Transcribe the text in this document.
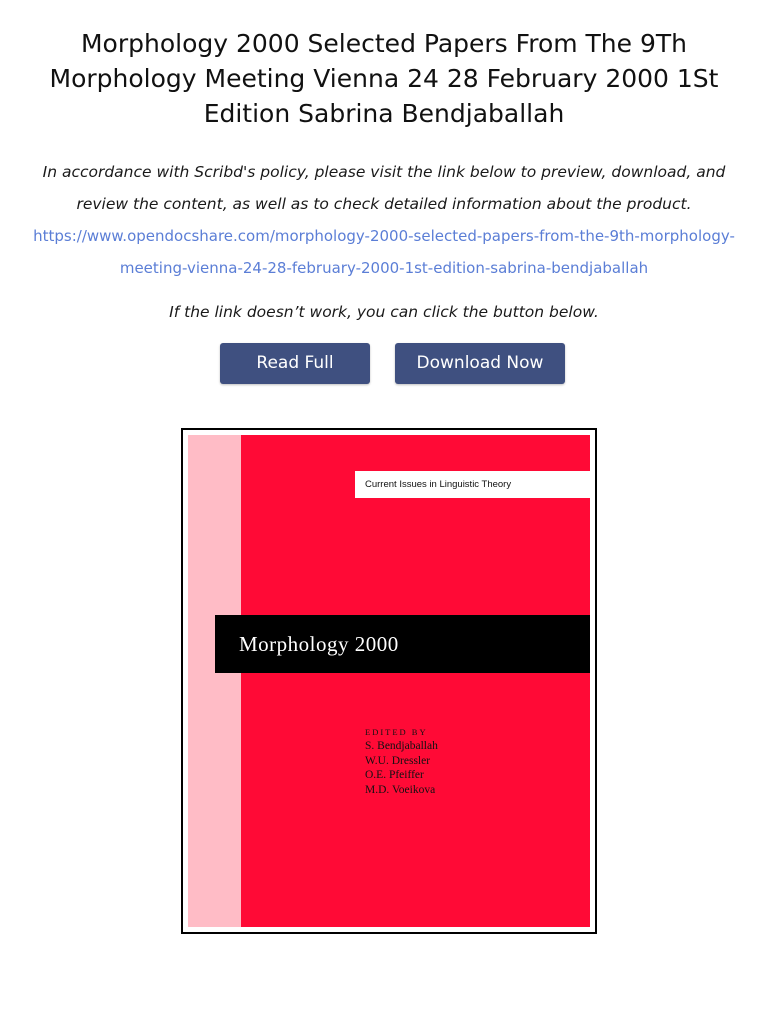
Morphology 2000 Selected Papers From The 9Th Morphology Meeting Vienna 24 28 February 2000 1St Edition Sabrina Bendjaballah

In accordance with Scribd's policy, please visit the link below to preview, download, and review the content, as well as to check detailed information about the product.

https://www.opendocshare.com/morphology-2000-selected-papers-from-the-9th-morphology-meeting-vienna-24-28-february-2000-1st-edition-sabrina-bendjaballah

If the link doesn’t work, you can click the button below.

Read Full	Download Now
Current Issues in Linguistic Theory
Morphology 2000
EDITED BY
S. Bendjaballah
W.U. Dressler
O.E. Pfeiffer
M.D. Voeikova
